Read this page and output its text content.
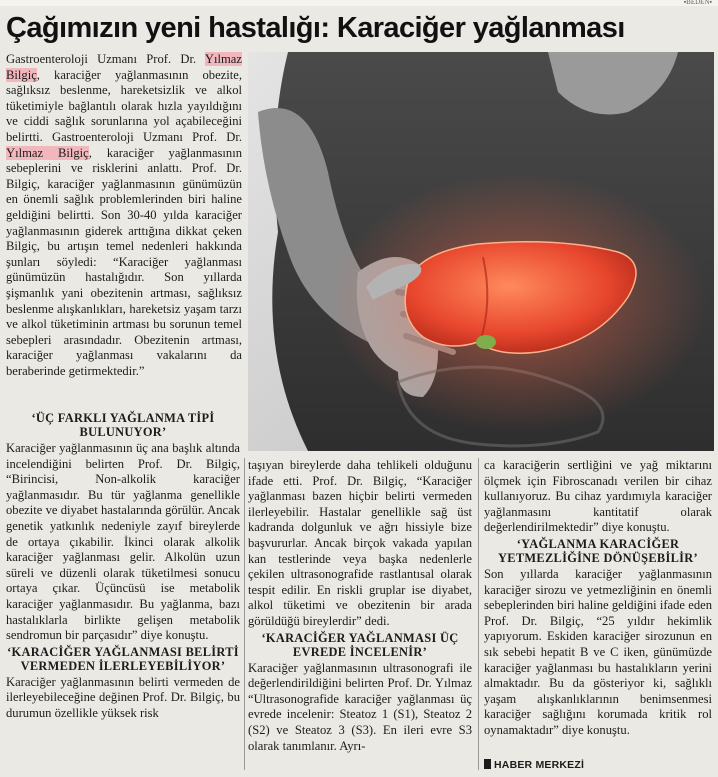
▪BEDEN▪
Çağımızın yeni hastalığı: Karaciğer yağlanması

Gastroenteroloji Uzmanı Prof. Dr. Yılmaz Bilgiç, karaciğer yağlanmasının obezite, sağlıksız beslenme, hareketsizlik ve alkol tüketimiyle bağlantılı olarak hızla yayıldığını ve ciddi sağlık sorunlarına yol açabileceğini belirtti. Gastroenteroloji Uzmanı Prof. Dr. Yılmaz Bilgiç, karaciğer yağlanmasının sebeplerini ve risklerini anlattı. Prof. Dr. Bilgiç, karaciğer yağlanmasının günümüzün en önemli sağlık problemlerinden biri haline geldiğini belirtti. Son 30-40 yılda karaciğer yağlanmasının giderek arttığına dikkat çeken Bilgiç, bu artışın temel nedenleri hakkında şunları söyledi: “Karaciğer yağlanması günümüzün hastalığıdır. Son yıllarda şişmanlık yani obezitenin artması, sağlıksız beslenme alışkanlıkları, hareketsiz yaşam tarzı ve alkol tüketiminin artması bu sorunun temel sebepleri arasındadır. Obezitenin artması, karaciğer yağlanması vakalarını da beraberinde getirmektedir.”

‘ÜÇ FARKLI YAĞLANMA TİPİ BULUNUYOR’

Karaciğer yağlanmasının üç ana başlık altında incelendiğini belirten Prof. Dr. Bilgiç, “Birincisi, Non-alkolik karaciğer yağlanmasıdır. Bu tür yağlanma genellikle obezite ve diyabet hastalarında görülür. Ancak genetik yatkınlık nedeniyle zayıf bireylerde de ortaya çıkabilir. İkinci olarak alkolik karaciğer yağlanması gelir. Alkolün uzun süreli ve düzenli olarak tüketilmesi sonucu ortaya çıkar. Üçüncüsü ise metabolik karaciğer yağlanmasıdır. Bu yağlanma, bazı hastalıklarla birlikte gelişen metabolik sendromun bir parçasıdır” diye konuştu.

‘KARACİĞER YAĞLANMASI BELİRTİ VERMEDEN İLERLEYEBİLİYOR’

Karaciğer yağlanmasının belirti vermeden de ilerleyebileceğine değinen Prof. Dr. Bilgiç, bu durumun özellikle yüksek risk

taşıyan bireylerde daha tehlikeli olduğunu ifade etti. Prof. Dr. Bilgiç, “Karaciğer yağlanması bazen hiçbir belirti vermeden ilerleyebilir. Hastalar genellikle sağ üst kadranda dolgunluk ve ağrı hissiyle bize başvururlar. Ancak birçok vakada yapılan kan testlerinde veya başka nedenlerle çekilen ultrasonografide rastlantısal olarak tespit edilir. En riskli gruplar ise diyabet, alkol tüketimi ve obezitenin bir arada görüldüğü bireylerdir” dedi.

‘KARACİĞER YAĞLANMASI ÜÇ EVREDE İNCELENİR’

Karaciğer yağlanmasının ultrasonografi ile değerlendirildiğini belirten Prof. Dr. Yılmaz “Ultrasonografide karaciğer yağlanması üç evrede incelenir: Steatoz 1 (S1), Steatoz 2 (S2) ve Steatoz 3 (S3). En ileri evre S3 olarak tanımlanır. Ayrı-

ca karaciğerin sertliğini ve yağ miktarını ölçmek için Fibroscanadı verilen bir cihaz kullanıyoruz. Bu cihaz yardımıyla karaciğer yağlanmasını kantitatif olarak değerlendirilmektedir” diye konuştu.

‘YAĞLANMA KARACİĞER YETMEZLİĞİNE DÖNÜŞEBİLİR’

Son yıllarda karaciğer yağlanmasının karaciğer sirozu ve yetmezliğinin en önemli sebeplerinden biri haline geldiğini ifade eden Prof. Dr. Bilgiç, “25 yıldır hekimlik yapıyorum. Eskiden karaciğer sirozunun en sık sebebi hepatit B ve C iken, günümüzde karaciğer yağlanması bu hastalıkların yerini almaktadır. Bu da gösteriyor ki, sağlıklı yaşam alışkanlıklarının benimsenmesi karaciğer sağlığını korumada kritik rol oynamaktadır” diye konuştu.

HABER MERKEZİ
